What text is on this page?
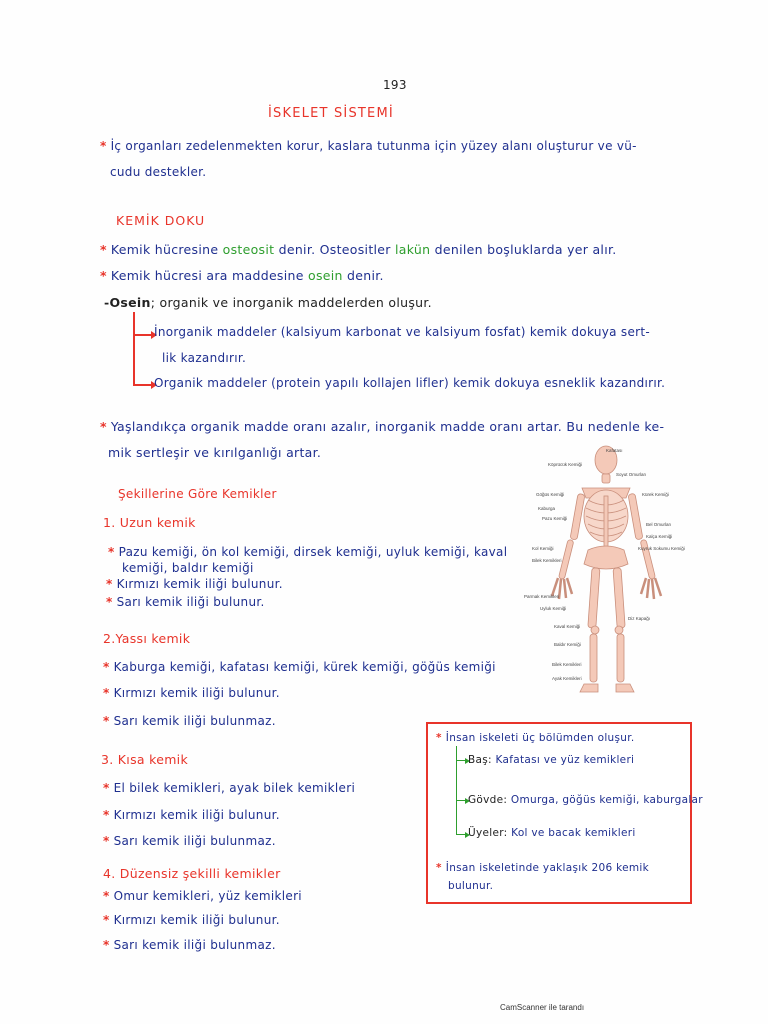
193
İSKELET SİSTEMİ
* İç organları zedelenmekten korur, kaslara tutunma için yüzey alanı oluşturur ve vü-
cudu destekler.
KEMİK DOKU
* Kemik hücresine osteosit denir. Osteositler lakün denilen boşluklarda yer alır.
* Kemik hücresi ara maddesine osein denir.
-Osein; organik ve inorganik maddelerden oluşur.
İnorganik maddeler (kalsiyum karbonat ve kalsiyum fosfat) kemik dokuya sert-
lik kazandırır.
Organik maddeler (protein yapılı kollajen lifler) kemik dokuya esneklik kazandırır.
* Yaşlandıkça organik madde oranı azalır, inorganik madde oranı artar. Bu nedenle ke-
mik sertleşir ve kırılganlığı artar.
Şekillerine Göre Kemikler
1. Uzun kemik
* Pazu kemiği, ön kol kemiği, dirsek kemiği, uyluk kemiği, kaval
kemiği, baldır kemiği
* Kırmızı kemik iliği bulunur.
* Sarı kemik iliği bulunur.
2.Yassı kemik
* Kaburga kemiği, kafatası kemiği, kürek kemiği, göğüs kemiği
* Kırmızı kemik iliği bulunur.
* Sarı kemik iliği bulunmaz.
3. Kısa kemik
* El bilek kemikleri, ayak bilek kemikleri
* Kırmızı kemik iliği bulunur.
* Sarı kemik iliği bulunmaz.
4. Düzensiz şekilli kemikler
* Omur kemikleri, yüz kemikleri
* Kırmızı kemik iliği bulunur.
* Sarı kemik iliği bulunmaz.
Kafatası
Köprücük Kemiği
Soyut Omurları
Göğüs Kemiği	Kürek Kemiği
Kaburga
Pazu Kemiği
Bel Omurları
Kalça Kemiği
Kol Kemiği	Kuyruk Sokumu Kemiği
Bilek Kemikleri
Parmak Kemikleri
Uyluk Kemiği
Diz Kapağı
Kaval Kemiği
Baldır Kemiği
Bilek Kemikleri
Ayak Kemikleri
* İnsan iskeleti üç bölümden oluşur.
Baş: Kafatası ve yüz kemikleri
Gövde: Omurga, göğüs kemiği, kaburgalar
Üyeler: Kol ve bacak kemikleri
* İnsan iskeletinde yaklaşık 206 kemik
bulunur.
CamScanner ile tarandı
